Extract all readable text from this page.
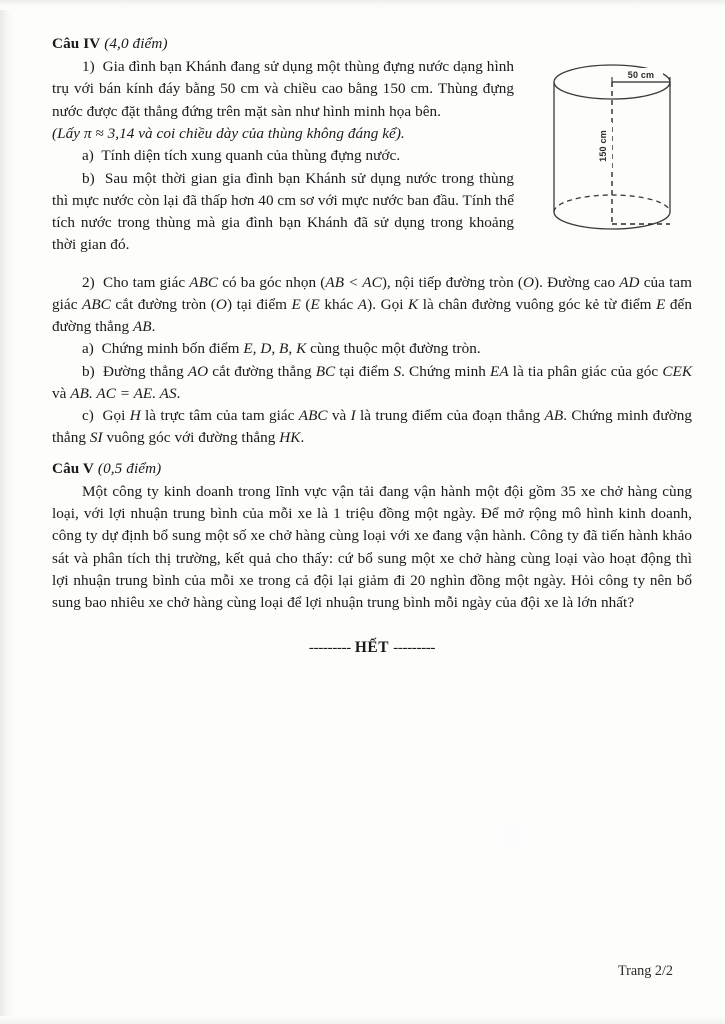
Câu IV (4,0 điểm)

1) Gia đình bạn Khánh đang sử dụng một thùng đựng nước dạng hình trụ với bán kính đáy bằng 50 cm và chiều cao bằng 150 cm. Thùng đựng nước được đặt thẳng đứng trên mặt sàn như hình minh họa bên.

(Lấy π ≈ 3,14 và coi chiều dày của thùng không đáng kể).

a) Tính diện tích xung quanh của thùng đựng nước.

b) Sau một thời gian gia đình bạn Khánh sử dụng nước trong thùng thì mực nước còn lại đã thấp hơn 40 cm sơ với mực nước ban đầu. Tính thể tích nước trong thùng mà gia đình bạn Khánh đã sử dụng trong khoảng thời gian đó.

50 cm
150 cm

2) Cho tam giác ABC có ba góc nhọn (AB < AC), nội tiếp đường tròn (O). Đường cao AD của tam giác ABC cắt đường tròn (O) tại điểm E (E khác A). Gọi K là chân đường vuông góc kẻ từ điểm E đến đường thẳng AB.

a) Chứng minh bốn điểm E, D, B, K cùng thuộc một đường tròn.

b) Đường thẳng AO cắt đường thẳng BC tại điểm S. Chứng minh EA là tia phân giác của góc CEK và AB. AC = AE. AS.

c) Gọi H là trực tâm của tam giác ABC và I là trung điểm của đoạn thẳng AB. Chứng minh đường thẳng SI vuông góc với đường thẳng HK.

Câu V (0,5 điểm)

Một công ty kinh doanh trong lĩnh vực vận tải đang vận hành một đội gồm 35 xe chở hàng cùng loại, với lợi nhuận trung bình của mỗi xe là 1 triệu đồng một ngày. Để mở rộng mô hình kinh doanh, công ty dự định bổ sung một số xe chở hàng cùng loại với xe đang vận hành. Công ty đã tiến hành khảo sát và phân tích thị trường, kết quả cho thấy: cứ bổ sung một xe chở hàng cùng loại vào hoạt động thì lợi nhuận trung bình của mỗi xe trong cả đội lại giảm đi 20 nghìn đồng một ngày. Hỏi công ty nên bổ sung bao nhiêu xe chở hàng cùng loại để lợi nhuận trung bình mỗi ngày của đội xe là lớn nhất?

--------- HẾT ---------

Trang 2/2
